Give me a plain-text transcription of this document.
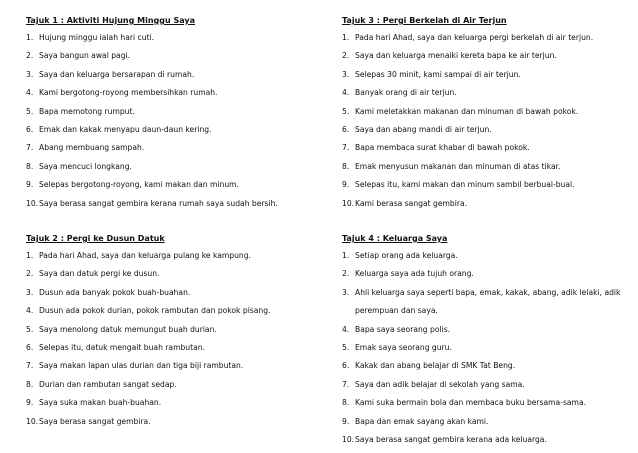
Tajuk 1 : Aktiviti Hujung Minggu Saya
1. Hujung minggu ialah hari cuti.
2. Saya bangun awal pagi.
3. Saya dan keluarga bersarapan di rumah.
4. Kami bergotong-royong membersihkan rumah.
5. Bapa memotong rumput.
6. Emak dan kakak menyapu daun-daun kering.
7. Abang membuang sampah.
8. Saya mencuci longkang.
9. Selepas bergotong-royong, kami makan dan minum.
10. Saya berasa sangat gembira kerana rumah saya sudah bersih.
Tajuk 3 : Pergi Berkelah di Air Terjun
1. Pada hari Ahad, saya dan keluarga pergi berkelah di air terjun.
2. Saya dan keluarga menaiki kereta bapa ke air terjun.
3. Selepas 30 minit, kami sampai di air terjun.
4. Banyak orang di air terjun.
5. Kami meletakkan makanan dan minuman di bawah pokok.
6. Saya dan abang mandi di air terjun.
7. Bapa membaca surat khabar di bawah pokok.
8. Emak menyusun makanan dan minuman di atas tikar.
9. Selepas itu, kami makan dan minum sambil berbual-bual.
10. Kami berasa sangat gembira.
Tajuk 2 : Pergi ke Dusun Datuk
1. Pada hari Ahad, saya dan keluarga pulang ke kampung.
2. Saya dan datuk pergi ke dusun.
3. Dusun ada banyak pokok buah-buahan.
4. Dusun ada pokok durian, pokok rambutan dan pokok pisang.
5. Saya menolong datuk memungut buah durian.
6. Selepas itu, datuk mengait buah rambutan.
7. Saya makan lapan ulas durian dan tiga biji rambutan.
8. Durian dan rambutan sangat sedap.
9. Saya suka makan buah-buahan.
10. Saya berasa sangat gembira.
Tajuk 4 : Keluarga Saya
1. Setiap orang ada keluarga.
2. Keluarga saya ada tujuh orang.
3. Ahli keluarga saya seperti bapa, emak, kakak, abang, adik lelaki, adik
perempuan dan saya.
4. Bapa saya seorang polis.
5. Emak saya seorang guru.
6. Kakak dan abang belajar di SMK Tat Beng.
7. Saya dan adik belajar di sekolah yang sama.
8. Kami suka bermain bola dan membaca buku bersama-sama.
9. Bapa dan emak sayang akan kami.
10. Saya berasa sangat gembira kerana ada keluarga.
